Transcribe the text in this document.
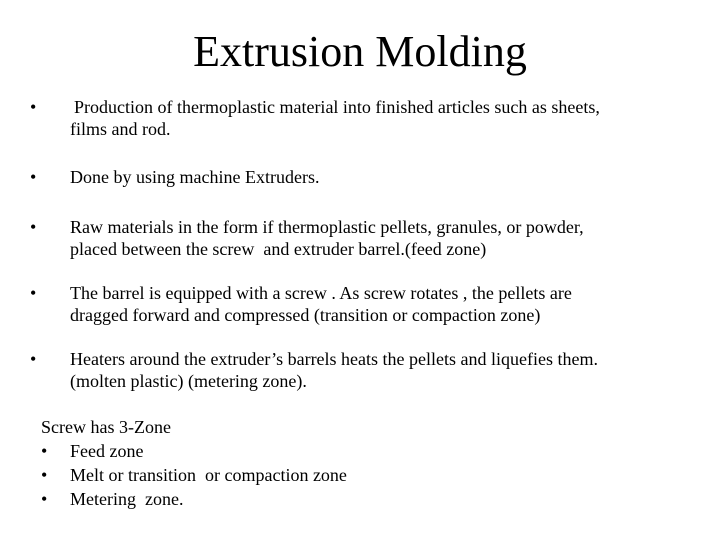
Extrusion Molding
•	Production of thermoplastic material into finished articles such as sheets,
films and rod.
•	Done by using machine Extruders.
•	Raw materials in the form if thermoplastic pellets, granules, or powder,
placed between the screw  and extruder barrel.(feed zone)
•	The barrel is equipped with a screw . As screw rotates , the pellets are
dragged forward and compressed (transition or compaction zone)
•	Heaters around the extruder’s barrels heats the pellets and liquefies them.
(molten plastic) (metering zone).
Screw has 3-Zone
• Feed zone
• Melt or transition  or compaction zone
• Metering  zone.
